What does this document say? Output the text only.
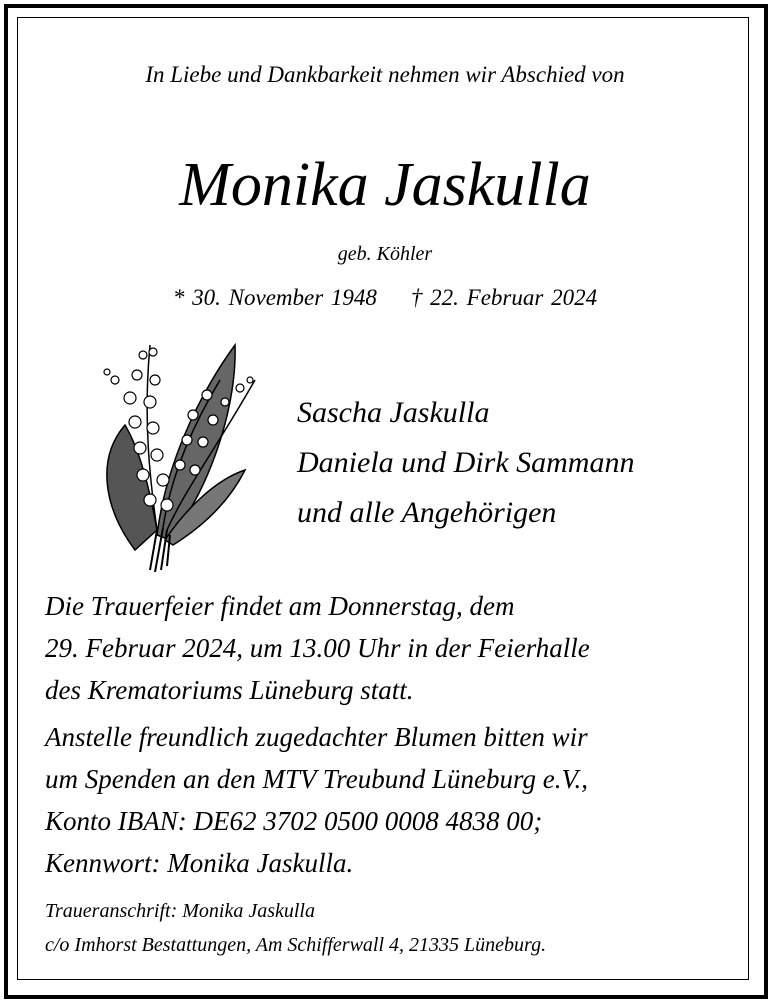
In Liebe und Dankbarkeit nehmen wir Abschied von
Monika Jaskulla
geb. Köhler
* 30. November 1948 † 22. Februar 2024
Sascha Jaskulla
Daniela und Dirk Sammann
und alle Angehörigen
Die Trauerfeier findet am Donnerstag, dem
29. Februar 2024, um 13.00 Uhr in der Feierhalle
des Krematoriums Lüneburg statt.
Anstelle freundlich zugedachter Blumen bitten wir
um Spenden an den MTV Treubund Lüneburg e.V.,
Konto IBAN: DE62 3702 0500 0008 4838 00;
Kennwort: Monika Jaskulla.
Traueranschrift: Monika Jaskulla
c/o Imhorst Bestattungen, Am Schifferwall 4, 21335 Lüneburg.
